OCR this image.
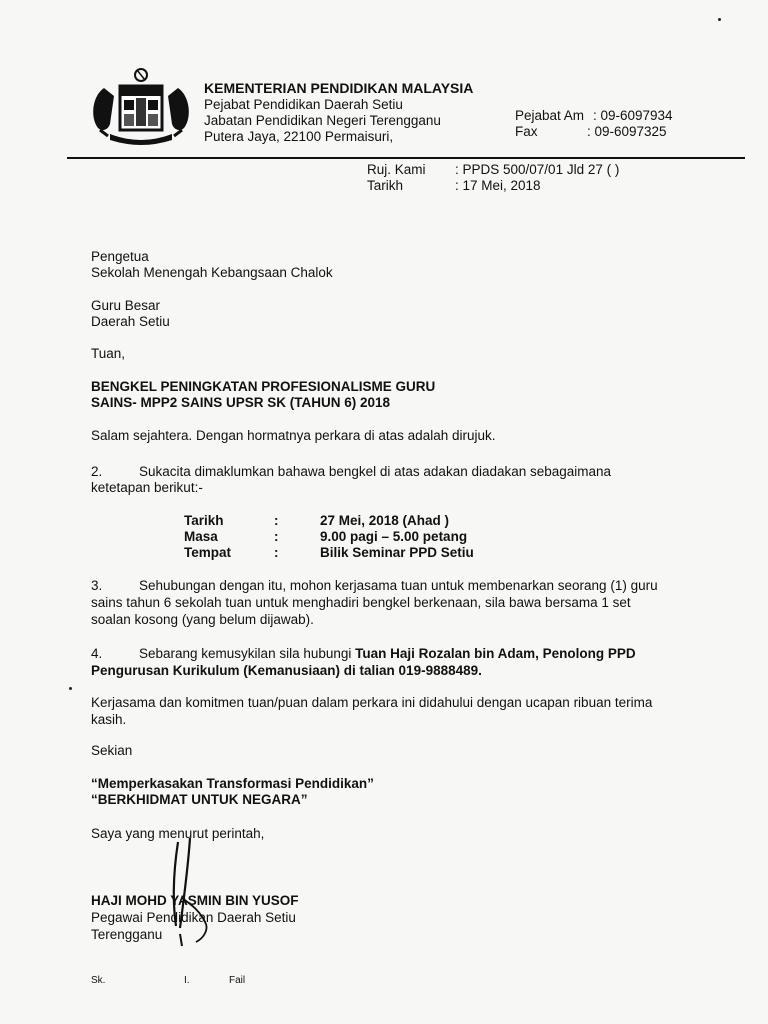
KEMENTERIAN PENDIDIKAN MALAYSIA
Pejabat Pendidikan Daerah Setiu
Jabatan Pendidikan Negeri Terengganu
Putera Jaya, 22100 Permaisuri,
Pejabat Am : 09-6097934
Fax	: 09-6097325
Ruj. Kami : PPDS 500/07/01 Jld 27 ( )
Tarikh	: 17 Mei, 2018
Pengetua
Sekolah Menengah Kebangsaan Chalok
Guru Besar
Daerah Setiu
Tuan,
BENGKEL PENINGKATAN PROFESIONALISME GURU
SAINS- MPP2 SAINS UPSR SK (TAHUN 6) 2018
Salam sejahtera. Dengan hormatnya perkara di atas adalah dirujuk.
2.	Sukacita dimaklumkan bahawa bengkel di atas adakan diadakan sebagaimana
ketetapan berikut:-
Tarikh	:	27 Mei, 2018 (Ahad )
Masa	:	9.00 pagi – 5.00 petang
Tempat	:	Bilik Seminar PPD Setiu
3.	Sehubungan dengan itu, mohon kerjasama tuan untuk membenarkan seorang (1) guru
sains tahun 6 sekolah tuan untuk menghadiri bengkel berkenaan, sila bawa bersama 1 set
soalan kosong (yang belum dijawab).
4.	Sebarang kemusykilan sila hubungi Tuan Haji Rozalan bin Adam, Penolong PPD
Pengurusan Kurikulum (Kemanusiaan) di talian 019-9888489.
Kerjasama dan komitmen tuan/puan dalam perkara ini didahului dengan ucapan ribuan terima
kasih.
Sekian
“Memperkasakan Transformasi Pendidikan”
“BERKHIDMAT UNTUK NEGARA”
Saya yang menurut perintah,
HAJI MOHD YASMIN BIN YUSOF
Pegawai Pendidikan Daerah Setiu
Terengganu
Sk.	I.	Fail
